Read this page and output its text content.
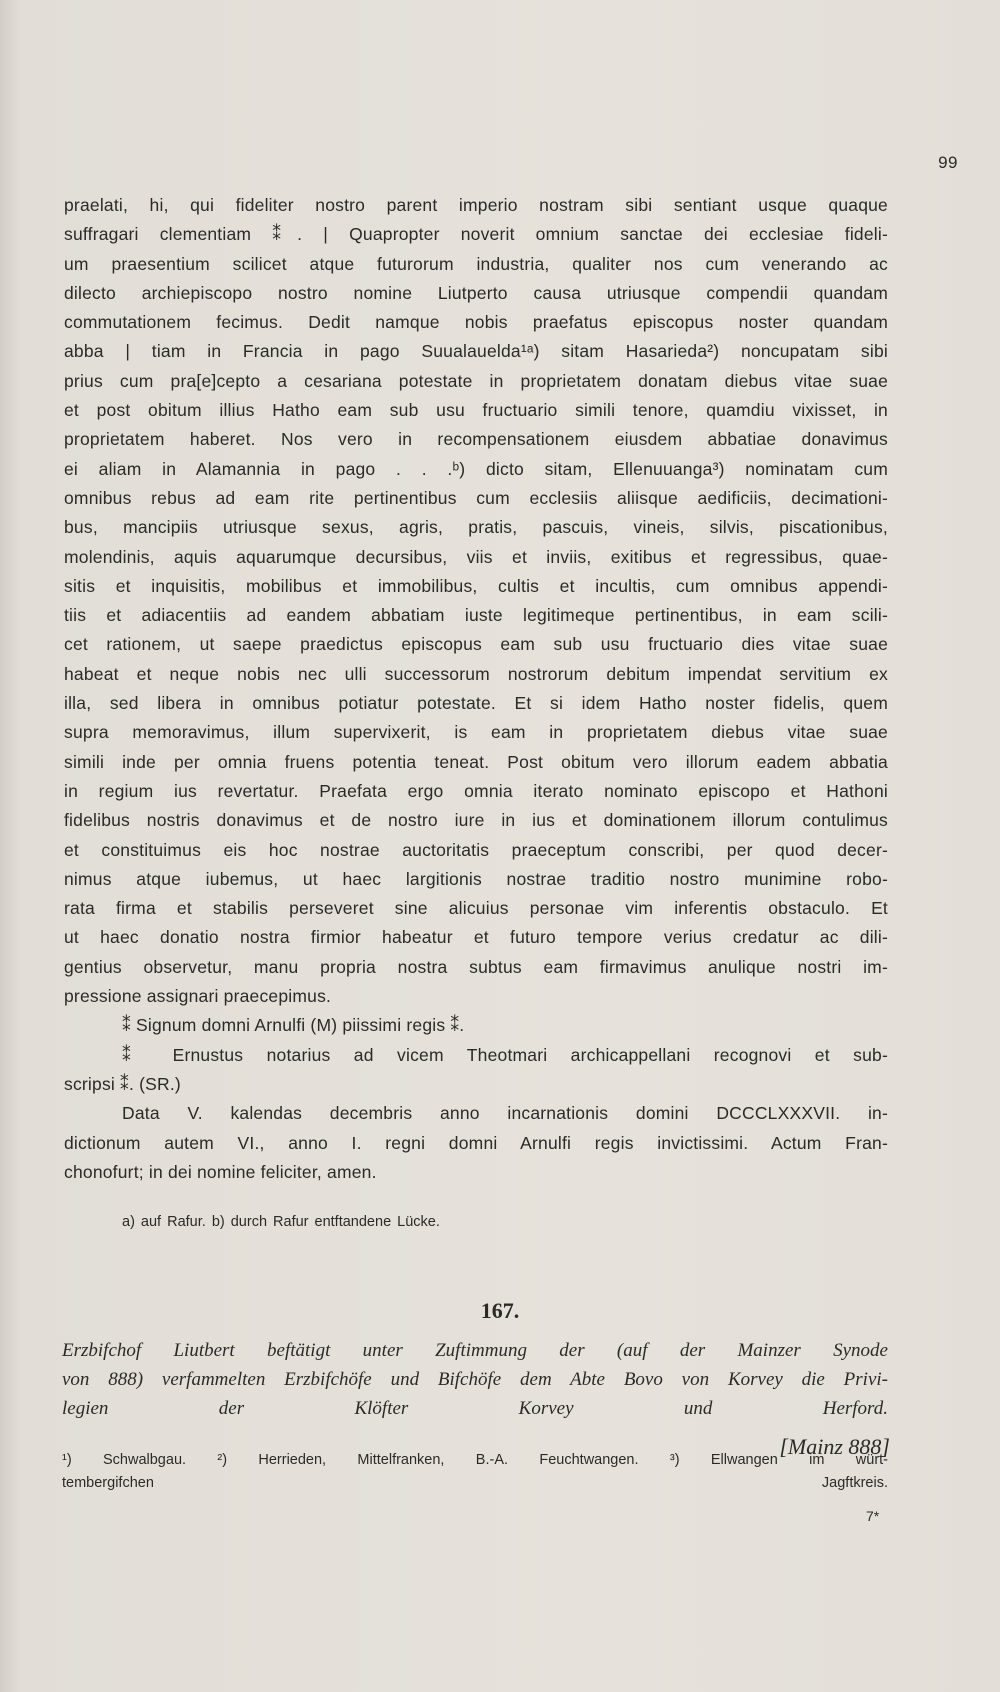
99
praelati, hi, qui fideliter nostro parent imperio nostram sibi sentiant usque quaque
suffragari clementiam ⁑. | Quapropter noverit omnium sanctae dei ecclesiae fideli-
um praesentium scilicet atque futurorum industria, qualiter nos cum venerando ac
dilecto archiepiscopo nostro nomine Liutperto causa utriusque compendii quandam
commutationem fecimus. Dedit namque nobis praefatus episcopus noster quandam
abba | tiam in Francia in pago Suualauelda¹ᵃ) sitam Hasarieda²) noncupatam sibi
prius cum pra[e]cepto a cesariana potestate in proprietatem donatam diebus vitae suae
et post obitum illius Hatho eam sub usu fructuario simili tenore, quamdiu vixisset, in
proprietatem haberet. Nos vero in recompensationem eiusdem abbatiae donavimus
ei aliam in Alamannia in pago . . .ᵇ) dicto sitam, Ellenuuanga³) nominatam cum
omnibus rebus ad eam rite pertinentibus cum ecclesiis aliisque aedificiis, decimationi-
bus, mancipiis utriusque sexus, agris, pratis, pascuis, vineis, silvis, piscationibus,
molendinis, aquis aquarumque decursibus, viis et inviis, exitibus et regressibus, quae-
sitis et inquisitis, mobilibus et immobilibus, cultis et incultis, cum omnibus appendi-
tiis et adiacentiis ad eandem abbatiam iuste legitimeque pertinentibus, in eam scili-
cet rationem, ut saepe praedictus episcopus eam sub usu fructuario dies vitae suae
habeat et neque nobis nec ulli successorum nostrorum debitum impendat servitium ex
illa, sed libera in omnibus potiatur potestate. Et si idem Hatho noster fidelis, quem
supra memoravimus, illum supervixerit, is eam in proprietatem diebus vitae suae
simili inde per omnia fruens potentia teneat. Post obitum vero illorum eadem abbatia
in regium ius revertatur. Praefata ergo omnia iterato nominato episcopo et Hathoni
fidelibus nostris donavimus et de nostro iure in ius et dominationem illorum contulimus
et constituimus eis hoc nostrae auctoritatis praeceptum conscribi, per quod decer-
nimus atque iubemus, ut haec largitionis nostrae traditio nostro munimine robo-
rata firma et stabilis perseveret sine alicuius personae vim inferentis obstaculo. Et
ut haec donatio nostra firmior habeatur et futuro tempore verius credatur ac dili-
gentius observetur, manu propria nostra subtus eam firmavimus anulique nostri im-
pressione assignari praecepimus.
⁑ Signum domni Arnulfi (M) piissimi regis ⁑.
⁑ Ernustus notarius ad vicem Theotmari archicappellani recognovi et sub-
scripsi ⁑. (SR.)
Data V. kalendas decembris anno incarnationis domini DCCCLXXXVII. in-
dictionum autem VI., anno I. regni domni Arnulfi regis invictissimi. Actum Fran-
chonofurt; in dei nomine feliciter, amen.
a) auf Rafur. b) durch Rafur entftandene Lücke.
167.
Erzbifchof Liutbert beftätigt unter Zuftimmung der (auf der Mainzer Synode
von 888) verfammelten Erzbifchöfe und Bifchöfe dem Abte Bovo von Korvey die Privi-
legien der Klöfter Korvey und Herford.
[Mainz 888]
¹) Schwalbgau. ²) Herrieden, Mittelfranken, B.-A. Feuchtwangen. ³) Ellwangen im würt-
tembergifchen Jagftkreis.
7*
